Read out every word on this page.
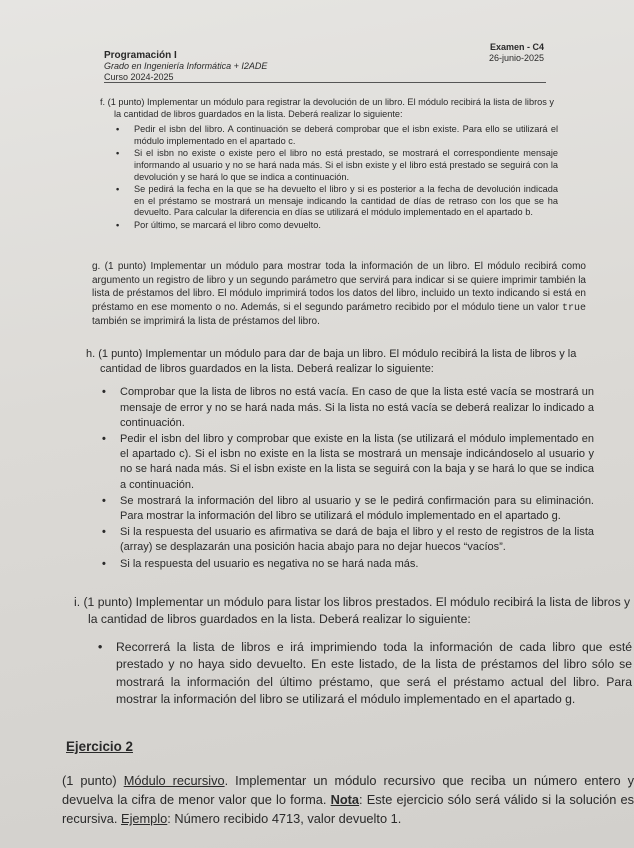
Programación I
Grado en Ingeniería Informática + I2ADE
Curso 2024-2025
Examen - C4
26-junio-2025
f. (1 punto) Implementar un módulo para registrar la devolución de un libro. El módulo recibirá la lista de libros y la cantidad de libros guardados en la lista. Deberá realizar lo siguiente:
• Pedir el isbn del libro. A continuación se deberá comprobar que el isbn existe. Para ello se utilizará el módulo implementado en el apartado c.
• Si el isbn no existe o existe pero el libro no está prestado, se mostrará el correspondiente mensaje informando al usuario y no se hará nada más. Si el isbn existe y el libro está prestado se seguirá con la devolución y se hará lo que se indica a continuación.
• Se pedirá la fecha en la que se ha devuelto el libro y si es posterior a la fecha de devolución indicada en el préstamo se mostrará un mensaje indicando la cantidad de días de retraso con los que se ha devuelto. Para calcular la diferencia en días se utilizará el módulo implementado en el apartado b.
• Por último, se marcará el libro como devuelto.
g. (1 punto) Implementar un módulo para mostrar toda la información de un libro. El módulo recibirá como argumento un registro de libro y un segundo parámetro que servirá para indicar si se quiere imprimir también la lista de préstamos del libro. El módulo imprimirá todos los datos del libro, incluido un texto indicando si está en préstamo en ese momento o no. Además, si el segundo parámetro recibido por el módulo tiene un valor true también se imprimirá la lista de préstamos del libro.
h. (1 punto) Implementar un módulo para dar de baja un libro. El módulo recibirá la lista de libros y la cantidad de libros guardados en la lista. Deberá realizar lo siguiente:
• Comprobar que la lista de libros no está vacía. En caso de que la lista esté vacía se mostrará un mensaje de error y no se hará nada más. Si la lista no está vacía se deberá realizar lo indicado a continuación.
• Pedir el isbn del libro y comprobar que existe en la lista (se utilizará el módulo implementado en el apartado c). Si el isbn no existe en la lista se mostrará un mensaje indicándoselo al usuario y no se hará nada más. Si el isbn existe en la lista se seguirá con la baja y se hará lo que se indica a continuación.
• Se mostrará la información del libro al usuario y se le pedirá confirmación para su eliminación. Para mostrar la información del libro se utilizará el módulo implementado en el apartado g.
• Si la respuesta del usuario es afirmativa se dará de baja el libro y el resto de registros de la lista (array) se desplazarán una posición hacia abajo para no dejar huecos “vacíos”.
• Si la respuesta del usuario es negativa no se hará nada más.
i. (1 punto) Implementar un módulo para listar los libros prestados. El módulo recibirá la lista de libros y la cantidad de libros guardados en la lista. Deberá realizar lo siguiente:
• Recorrerá la lista de libros e irá imprimiendo toda la información de cada libro que esté prestado y no haya sido devuelto. En este listado, de la lista de préstamos del libro sólo se mostrará la información del último préstamo, que será el préstamo actual del libro. Para mostrar la información del libro se utilizará el módulo implementado en el apartado g.
Ejercicio 2
(1 punto) Módulo recursivo. Implementar un módulo recursivo que reciba un número entero y devuelva la cifra de menor valor que lo forma. Nota: Este ejercicio sólo será válido si la solución es recursiva. Ejemplo: Número recibido 4713, valor devuelto 1.
